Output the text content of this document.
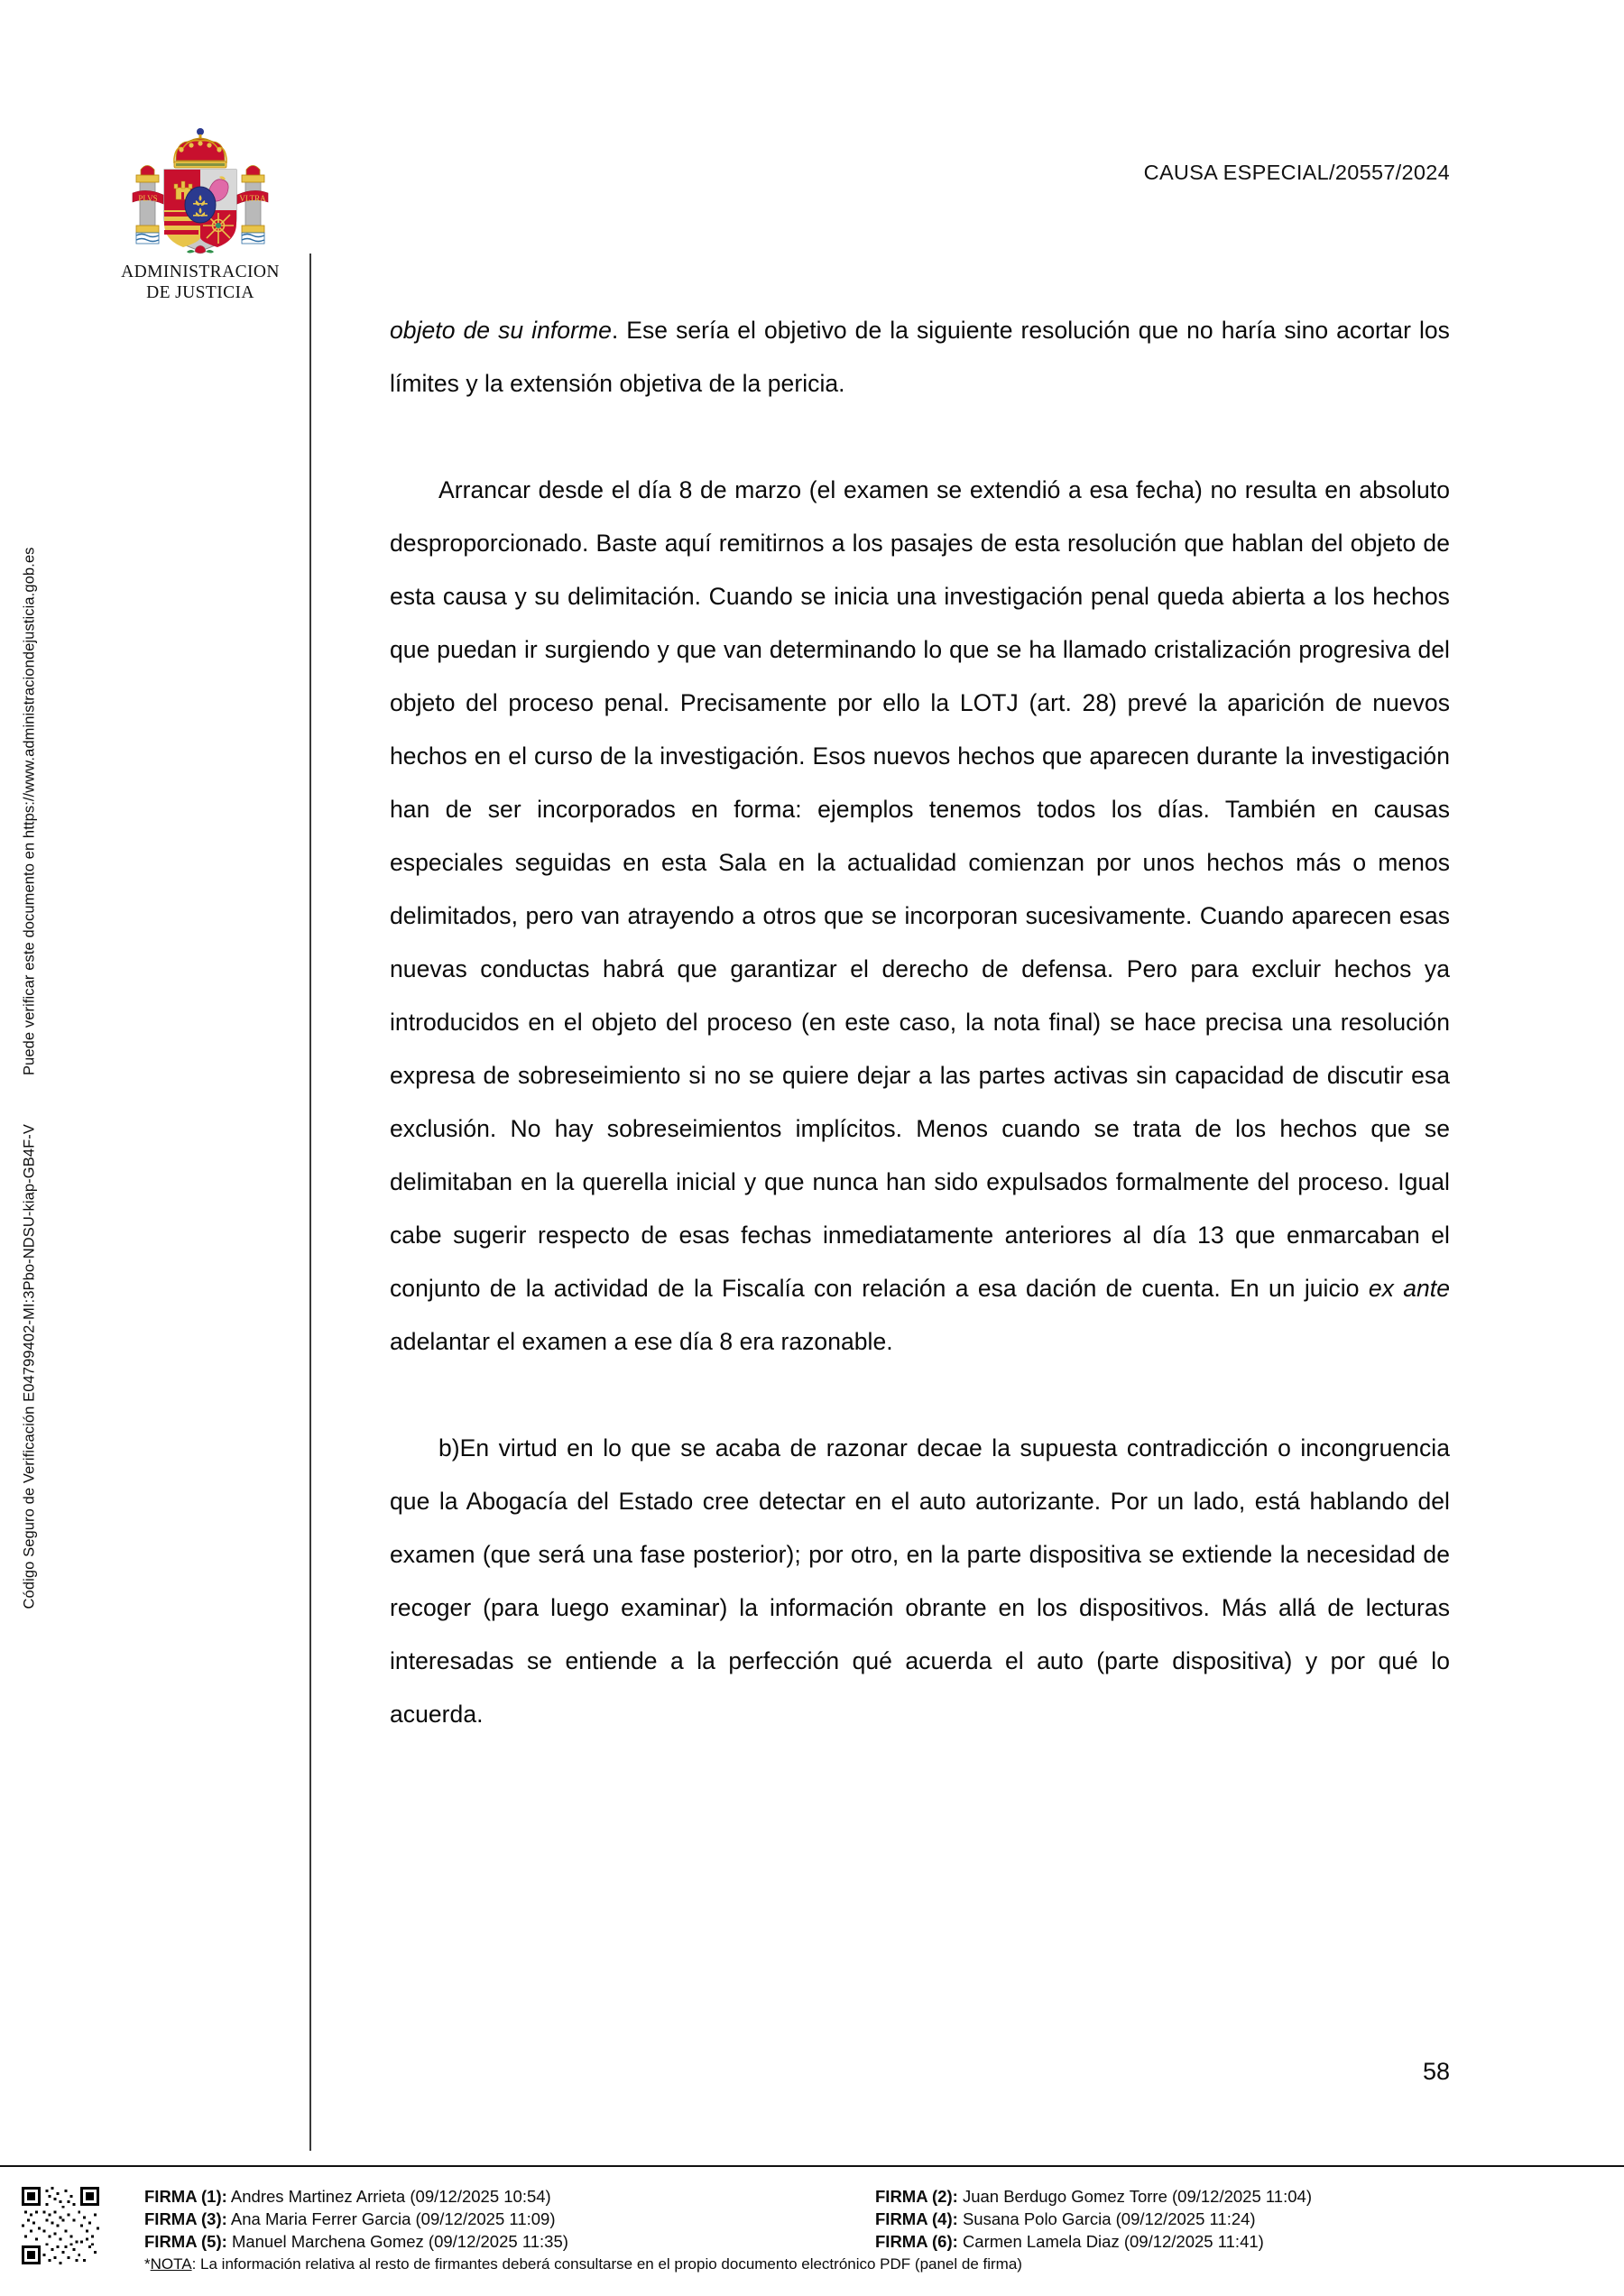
Código Seguro de Verificación E04799402-MI:3Pbo-NDSU-kiap-GB4F-VPuede verificar este documento en https://www.administraciondejusticia.gob.es
PLVS	VLTRA
ADMINISTRACION
DE JUSTICIA
CAUSA ESPECIAL/20557/2024

objeto de su informe. Ese sería el objetivo de la siguiente resolución que no haría sino acortar los límites y la extensión objetiva de la pericia.

Arrancar desde el día 8 de marzo (el examen se extendió a esa fecha) no resulta en absoluto desproporcionado. Baste aquí remitirnos a los pasajes de esta resolución que hablan del objeto de esta causa y su delimitación. Cuando se inicia una investigación penal queda abierta a los hechos que puedan ir surgiendo y que van determinando lo que se ha llamado cristalización progresiva del objeto del proceso penal. Precisamente por ello la LOTJ (art. 28) prevé la aparición de nuevos hechos en el curso de la investigación. Esos nuevos hechos que aparecen durante la investigación han de ser incorporados en forma: ejemplos tenemos todos los días. También en causas especiales seguidas en esta Sala en la actualidad comienzan por unos hechos más o menos delimitados, pero van atrayendo a otros que se incorporan sucesivamente. Cuando aparecen esas nuevas conductas habrá que garantizar el derecho de defensa. Pero para excluir hechos ya introducidos en el objeto del proceso (en este caso, la nota final) se hace precisa una resolución expresa de sobreseimiento si no se quiere dejar a las partes activas sin capacidad de discutir esa exclusión. No hay sobreseimientos implícitos. Menos cuando se trata de los hechos que se delimitaban en la querella inicial y que nunca han sido expulsados formalmente del proceso. Igual cabe sugerir respecto de esas fechas inmediatamente anteriores al día 13 que enmarcaban el conjunto de la actividad de la Fiscalía con relación a esa dación de cuenta. En un juicio ex ante adelantar el examen a ese día 8 era razonable.

b)En virtud en lo que se acaba de razonar decae la supuesta contradicción o incongruencia que la Abogacía del Estado cree detectar en el auto autorizante. Por un lado, está hablando del examen (que será una fase posterior); por otro, en la parte dispositiva se extiende la necesidad de recoger (para luego examinar) la información obrante en los dispositivos. Más allá de lecturas interesadas se entiende a la perfección qué acuerda el auto (parte dispositiva) y por qué lo acuerda.

58
FIRMA (1): Andres Martinez Arrieta (09/12/2025 10:54)	FIRMA (2): Juan Berdugo Gomez Torre (09/12/2025 11:04)
FIRMA (3): Ana Maria Ferrer Garcia (09/12/2025 11:09)	FIRMA (4): Susana Polo Garcia (09/12/2025 11:24)
FIRMA (5): Manuel Marchena Gomez (09/12/2025 11:35)	FIRMA (6): Carmen Lamela Diaz (09/12/2025 11:41)
*NOTA: La información relativa al resto de firmantes deberá consultarse en el propio documento electrónico PDF (panel de firma)
